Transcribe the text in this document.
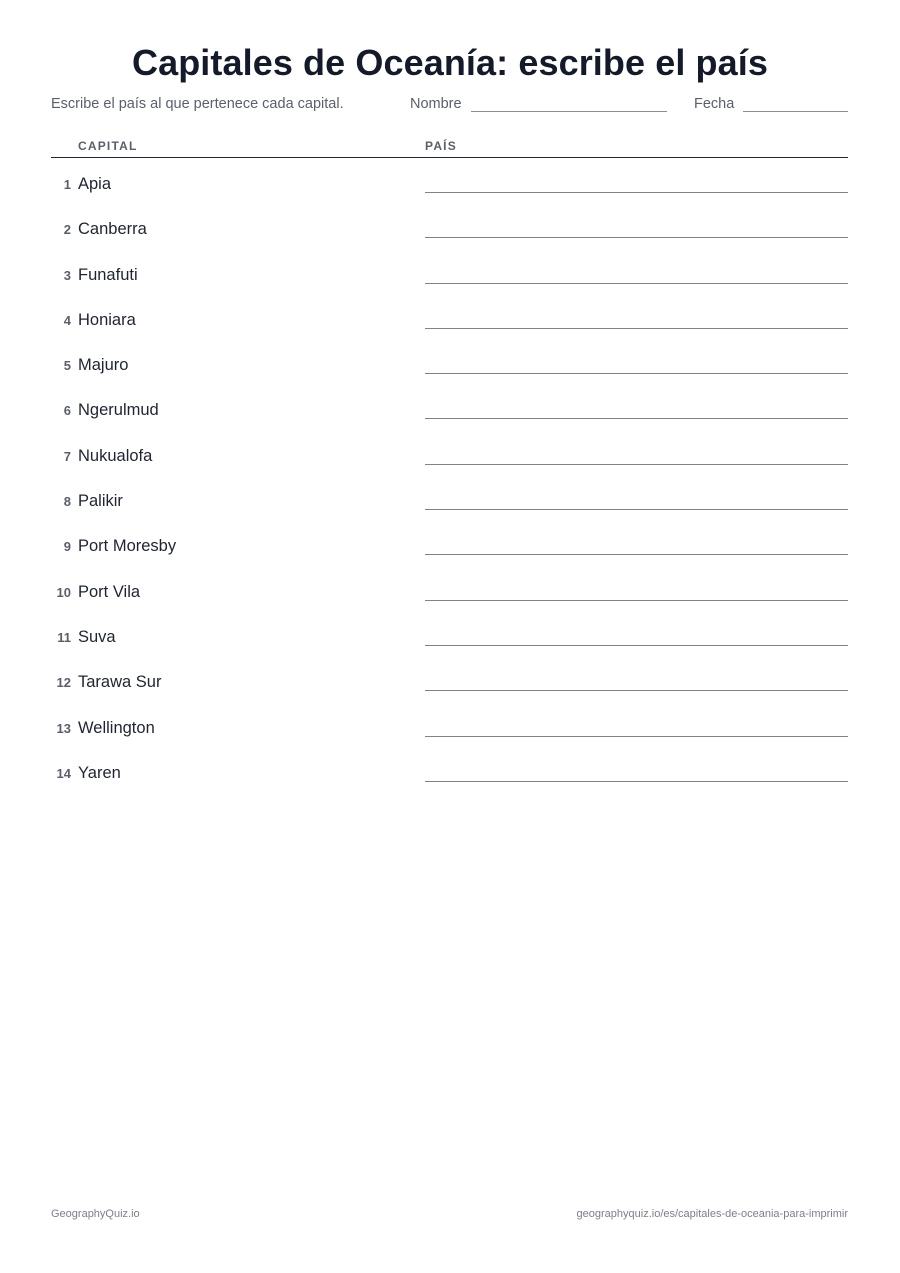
Capitales de Oceanía: escribe el país
Escribe el país al que pertenece cada capital.	Nombre	Fecha
CAPITAL	PAÍS
1 Apia
2 Canberra
3 Funafuti
4 Honiara
5 Majuro
6 Ngerulmud
7 Nukualofa
8 Palikir
9 Port Moresby
10 Port Vila
11 Suva
12 Tarawa Sur
13 Wellington
14 Yaren
GeographyQuiz.io	geographyquiz.io/es/capitales-de-oceania-para-imprimir
